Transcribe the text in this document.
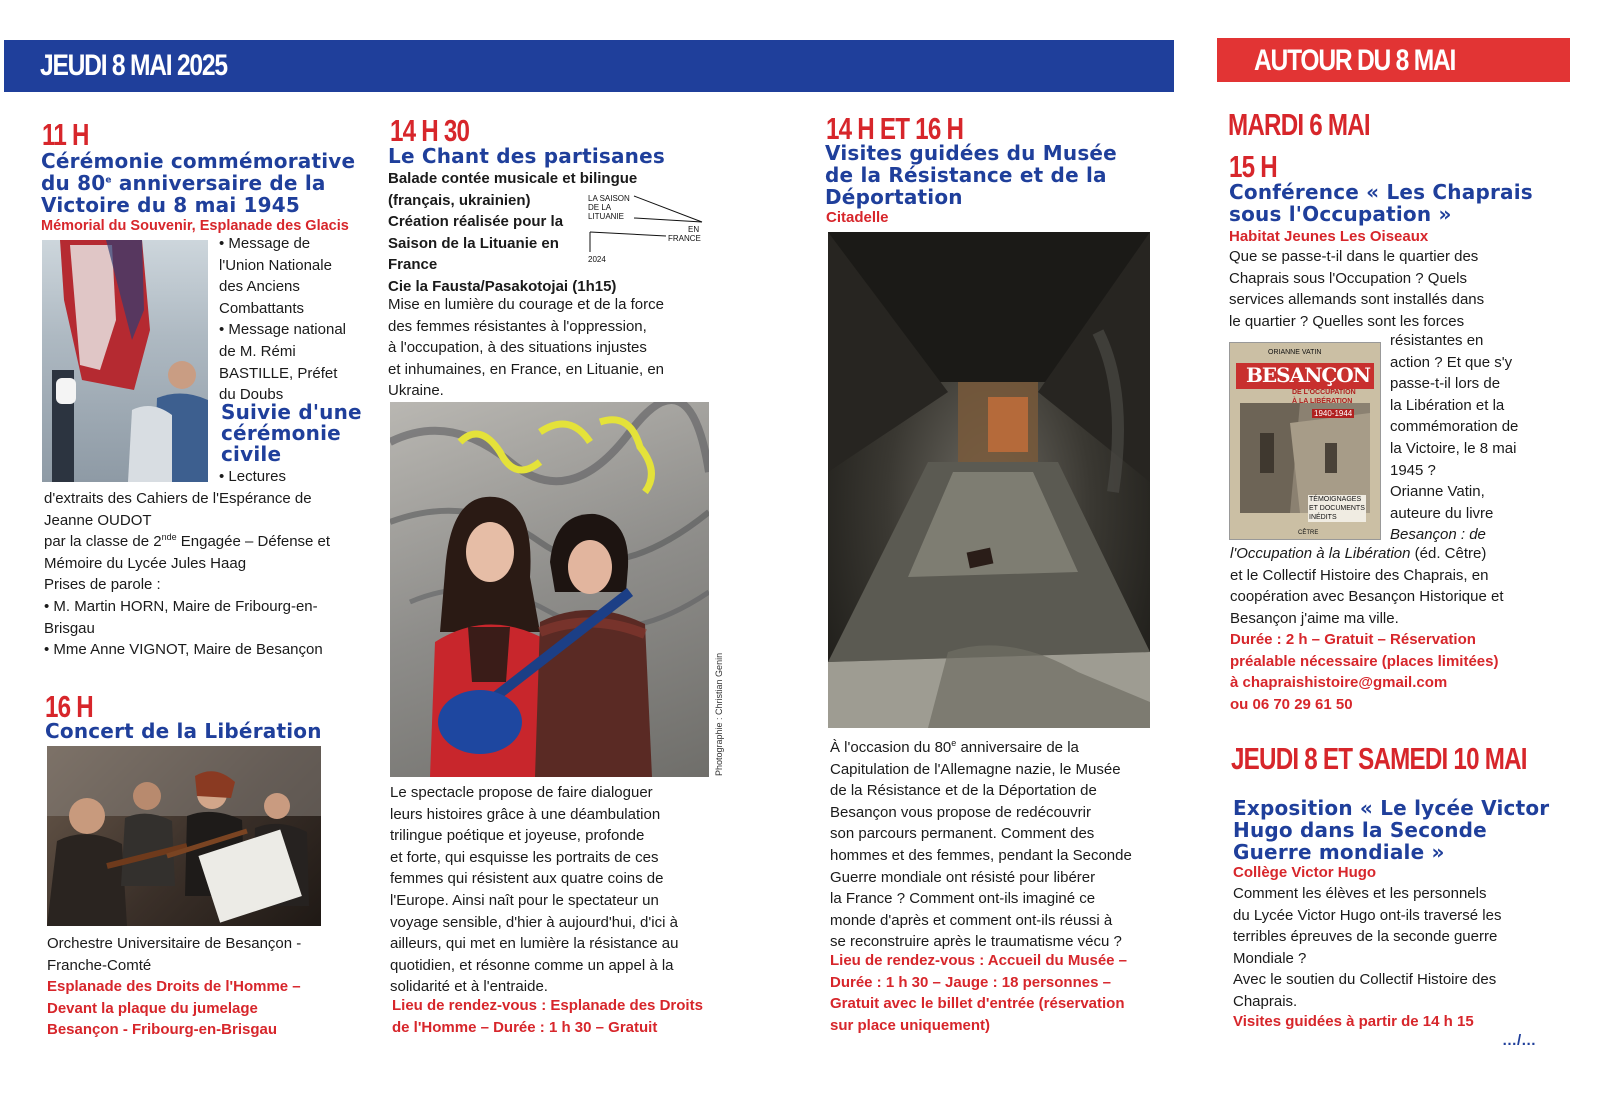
JEUDI 8 MAI 2025	AUTOUR DU 8 MAI
11 H
Cérémonie commémorative
du 80e anniversaire de la
Victoire du 8 mai 1945
Mémorial du Souvenir, Esplanade des Glacis
• Message de
l'Union Nationale
des Anciens
Combattants
• Message national
de M. Rémi
BASTILLE, Préfet
du Doubs
Suivie d'une
cérémonie
civile
• Lectures
d'extraits des Cahiers de l'Espérance de
Jeanne OUDOT
par la classe de 2nde Engagée – Défense et
Mémoire du Lycée Jules Haag
Prises de parole :
• M. Martin HORN, Maire de Fribourg-en-
Brisgau
• Mme Anne VIGNOT, Maire de Besançon
16 H
Concert de la Libération
Orchestre Universitaire de Besançon -
Franche-Comté
Esplanade des Droits de l'Homme –
Devant la plaque du jumelage
Besançon - Fribourg-en-Brisgau
14 H 30
Le Chant des partisanes
Balade contée musicale et bilingue
(français, ukrainien)
Création réalisée pour la
Saison de la Lituanie en
France
Cie la Fausta/Pasakotojai (1h15)
LA SAISON
DE LA
LITUANIE
EN
FRANCE
2024
Mise en lumière du courage et de la force
des femmes résistantes à l'oppression,
à l'occupation, à des situations injustes
et inhumaines, en France, en Lituanie, en
Ukraine.
Photographie : Christian Genin
Le spectacle propose de faire dialoguer
leurs histoires grâce à une déambulation
trilingue poétique et joyeuse, profonde
et forte, qui esquisse les portraits de ces
femmes qui résistent aux quatre coins de
l'Europe. Ainsi naît pour le spectateur un
voyage sensible, d'hier à aujourd'hui, d'ici à
ailleurs, qui met en lumière la résistance au
quotidien, et résonne comme un appel à la
solidarité et à l'entraide.
Lieu de rendez-vous : Esplanade des Droits
de l'Homme – Durée : 1 h 30 – Gratuit
14 H ET 16 H
Visites guidées du Musée
de la Résistance et de la
Déportation
Citadelle
À l'occasion du 80e anniversaire de la
Capitulation de l'Allemagne nazie, le Musée
de la Résistance et de la Déportation de
Besançon vous propose de redécouvrir
son parcours permanent. Comment des
hommes et des femmes, pendant la Seconde
Guerre mondiale ont résisté pour libérer
la France ? Comment ont-ils imaginé ce
monde d'après et comment ont-ils réussi à
se reconstruire après le traumatisme vécu ?
Lieu de rendez-vous : Accueil du Musée –
Durée : 1 h 30 – Jauge : 18 personnes –
Gratuit avec le billet d'entrée (réservation
sur place uniquement)
MARDI 6 MAI
15 H
Conférence « Les Chaprais
sous l'Occupation »
Habitat Jeunes Les Oiseaux
Que se passe-t-il dans le quartier des
Chaprais sous l'Occupation ? Quels
services allemands sont installés dans
le quartier ? Quelles sont les forces
ORIANNE VATIN
BESANÇON
DE L'OCCUPATION
À LA LIBÉRATION
1940-1944
TÉMOIGNAGES
ET DOCUMENTS
INÉDITS
CÊTRE
résistantes en
action ? Et que s'y
passe-t-il lors de
la Libération et la
commémoration de
la Victoire, le 8 mai
1945 ?
Orianne Vatin,
auteure du livre
Besançon : de
l'Occupation à la Libération (éd. Cêtre)
et le Collectif Histoire des Chaprais, en
coopération avec Besançon Historique et
Besançon j'aime ma ville.
Durée : 2 h – Gratuit – Réservation
préalable nécessaire (places limitées)
à chapraishistoire@gmail.com
ou 06 70 29 61 50
JEUDI 8 ET SAMEDI 10 MAI
Exposition « Le lycée Victor
Hugo dans la Seconde
Guerre mondiale »
Collège Victor Hugo
Comment les élèves et les personnels
du Lycée Victor Hugo ont-ils traversé les
terribles épreuves de la seconde guerre
Mondiale ?
Avec le soutien du Collectif Histoire des
Chaprais.
Visites guidées à partir de 14 h 15
…/…
